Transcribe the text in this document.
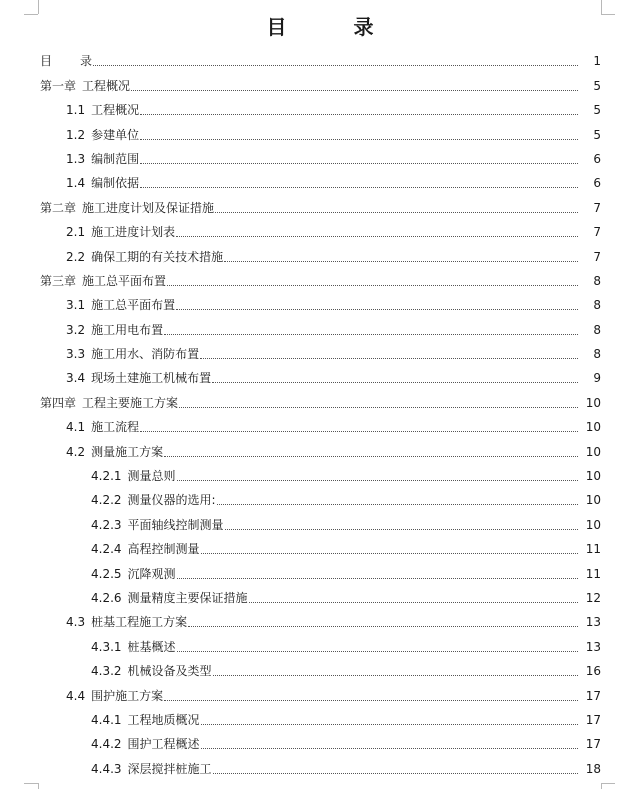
目 录
目 录	1
第一章 工程概况	5
1.1 工程概况	5
1.2 参建单位	5
1.3 编制范围	6
1.4 编制依据	6
第二章 施工进度计划及保证措施	7
2.1 施工进度计划表	7
2.2 确保工期的有关技术措施	7
第三章 施工总平面布置	8
3.1 施工总平面布置	8
3.2 施工用电布置	8
3.3 施工用水、消防布置	8
3.4 现场土建施工机械布置	9
第四章 工程主要施工方案	10
4.1 施工流程	10
4.2 测量施工方案	10
4.2.1 测量总则	10
4.2.2 测量仪器的选用:	10
4.2.3 平面轴线控制测量	10
4.2.4 高程控制测量	11
4.2.5 沉降观测	11
4.2.6 测量精度主要保证措施	12
4.3 桩基工程施工方案	13
4.3.1 桩基概述	13
4.3.2 机械设备及类型	16
4.4 围护施工方案	17
4.4.1 工程地质概况	17
4.4.2 围护工程概述	17
4.4.3 深层搅拌桩施工	18
